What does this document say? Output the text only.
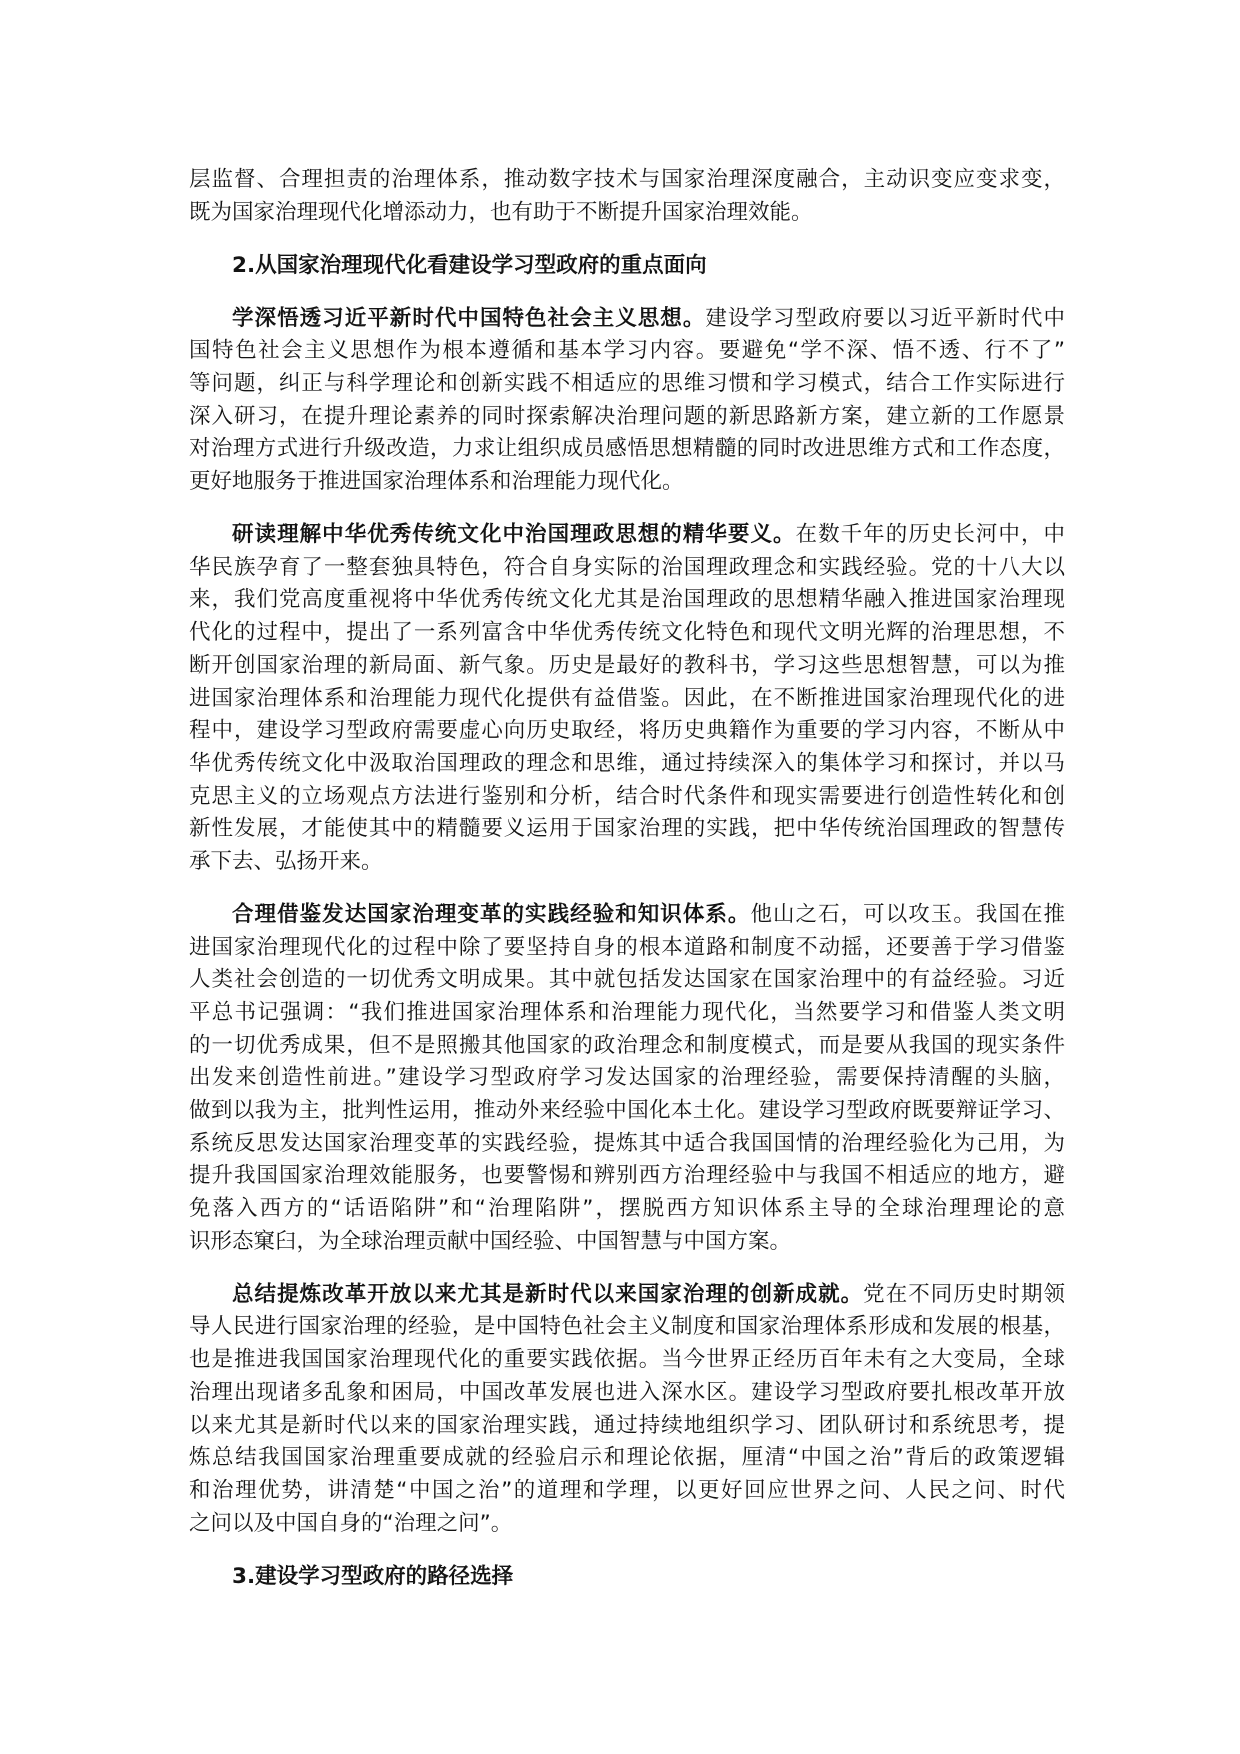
层监督、合理担责的治理体系，推动数字技术与国家治理深度融合，主动识变应变求变，
既为国家治理现代化增添动力，也有助于不断提升国家治理效能。
2.从国家治理现代化看建设学习型政府的重点面向
学深悟透习近平新时代中国特色社会主义思想。建设学习型政府要以习近平新时代中
国特色社会主义思想作为根本遵循和基本学习内容。要避免“学不深、悟不透、行不了”
等问题，纠正与科学理论和创新实践不相适应的思维习惯和学习模式，结合工作实际进行
深入研习，在提升理论素养的同时探索解决治理问题的新思路新方案，建立新的工作愿景
对治理方式进行升级改造，力求让组织成员感悟思想精髓的同时改进思维方式和工作态度，
更好地服务于推进国家治理体系和治理能力现代化。
研读理解中华优秀传统文化中治国理政思想的精华要义。在数千年的历史长河中，中
华民族孕育了一整套独具特色，符合自身实际的治国理政理念和实践经验。党的十八大以
来，我们党高度重视将中华优秀传统文化尤其是治国理政的思想精华融入推进国家治理现
代化的过程中，提出了一系列富含中华优秀传统文化特色和现代文明光辉的治理思想，不
断开创国家治理的新局面、新气象。历史是最好的教科书，学习这些思想智慧，可以为推
进国家治理体系和治理能力现代化提供有益借鉴。因此，在不断推进国家治理现代化的进
程中，建设学习型政府需要虚心向历史取经，将历史典籍作为重要的学习内容，不断从中
华优秀传统文化中汲取治国理政的理念和思维，通过持续深入的集体学习和探讨，并以马
克思主义的立场观点方法进行鉴别和分析，结合时代条件和现实需要进行创造性转化和创
新性发展，才能使其中的精髓要义运用于国家治理的实践，把中华传统治国理政的智慧传
承下去、弘扬开来。
合理借鉴发达国家治理变革的实践经验和知识体系。他山之石，可以攻玉。我国在推
进国家治理现代化的过程中除了要坚持自身的根本道路和制度不动摇，还要善于学习借鉴
人类社会创造的一切优秀文明成果。其中就包括发达国家在国家治理中的有益经验。习近
平总书记强调：“我们推进国家治理体系和治理能力现代化，当然要学习和借鉴人类文明
的一切优秀成果，但不是照搬其他国家的政治理念和制度模式，而是要从我国的现实条件
出发来创造性前进。”建设学习型政府学习发达国家的治理经验，需要保持清醒的头脑，
做到以我为主，批判性运用，推动外来经验中国化本土化。建设学习型政府既要辩证学习、
系统反思发达国家治理变革的实践经验，提炼其中适合我国国情的治理经验化为己用，为
提升我国国家治理效能服务，也要警惕和辨别西方治理经验中与我国不相适应的地方，避
免落入西方的“话语陷阱”和“治理陷阱”，摆脱西方知识体系主导的全球治理理论的意
识形态窠臼，为全球治理贡献中国经验、中国智慧与中国方案。
总结提炼改革开放以来尤其是新时代以来国家治理的创新成就。党在不同历史时期领
导人民进行国家治理的经验，是中国特色社会主义制度和国家治理体系形成和发展的根基，
也是推进我国国家治理现代化的重要实践依据。当今世界正经历百年未有之大变局，全球
治理出现诸多乱象和困局，中国改革发展也进入深水区。建设学习型政府要扎根改革开放
以来尤其是新时代以来的国家治理实践，通过持续地组织学习、团队研讨和系统思考，提
炼总结我国国家治理重要成就的经验启示和理论依据，厘清“中国之治”背后的政策逻辑
和治理优势，讲清楚“中国之治”的道理和学理，以更好回应世界之问、人民之问、时代
之问以及中国自身的“治理之问”。
3.建设学习型政府的路径选择
